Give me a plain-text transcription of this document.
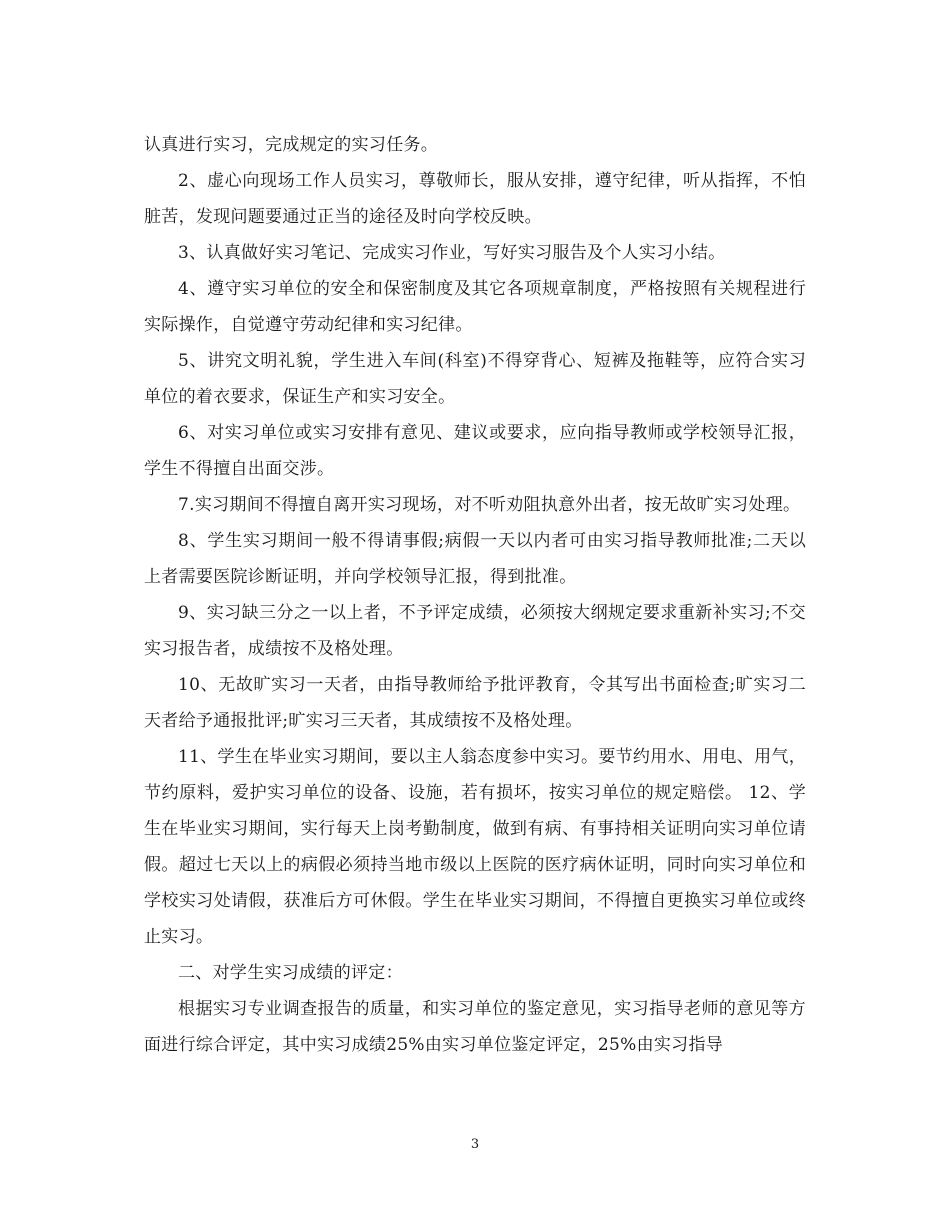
认真进行实习，完成规定的实习任务。

2、虚心向现场工作人员实习，尊敬师长，服从安排，遵守纪律，听从指挥，不怕脏苦，发现问题要通过正当的途径及时向学校反映。

3、认真做好实习笔记、完成实习作业，写好实习服告及个人实习小结。

4、遵守实习单位的安全和保密制度及其它各项规章制度，严格按照有关规程进行实际操作，自觉遵守劳动纪律和实习纪律。

5、讲究文明礼貌，学生进入车间(科室)不得穿背心、短裤及拖鞋等，应符合实习单位的着衣要求，保证生产和实习安全。

6、对实习单位或实习安排有意见、建议或要求，应向指导教师或学校领导汇报，学生不得擅自出面交涉。

7.实习期间不得擅自离开实习现场，对不听劝阻执意外出者，按无故旷实习处理。

8、学生实习期间一般不得请事假;病假一天以内者可由实习指导教师批准;二天以上者需要医院诊断证明，并向学校领导汇报，得到批准。

9、实习缺三分之一以上者，不予评定成绩，必须按大纲规定要求重新补实习;不交实习报告者，成绩按不及格处理。

10、无故旷实习一天者，由指导教师给予批评教育，令其写出书面检查;旷实习二天者给予通报批评;旷实习三天者，其成绩按不及格处理。

11、学生在毕业实习期间，要以主人翁态度参中实习。要节约用水、用电、用气，节约原料，爱护实习单位的设备、设施，若有损坏，按实习单位的规定赔偿。 12、学生在毕业实习期间，实行每天上岗考勤制度，做到有病、有事持相关证明向实习单位请假。超过七天以上的病假必须持当地市级以上医院的医疗病休证明，同时向实习单位和学校实习处请假，获准后方可休假。学生在毕业实习期间，不得擅自更换实习单位或终止实习。

二、对学生实习成绩的评定：

根据实习专业调查报告的质量，和实习单位的鉴定意见，实习指导老师的意见等方面进行综合评定，其中实习成绩25%由实习单位鉴定评定，25%由实习指导

3
